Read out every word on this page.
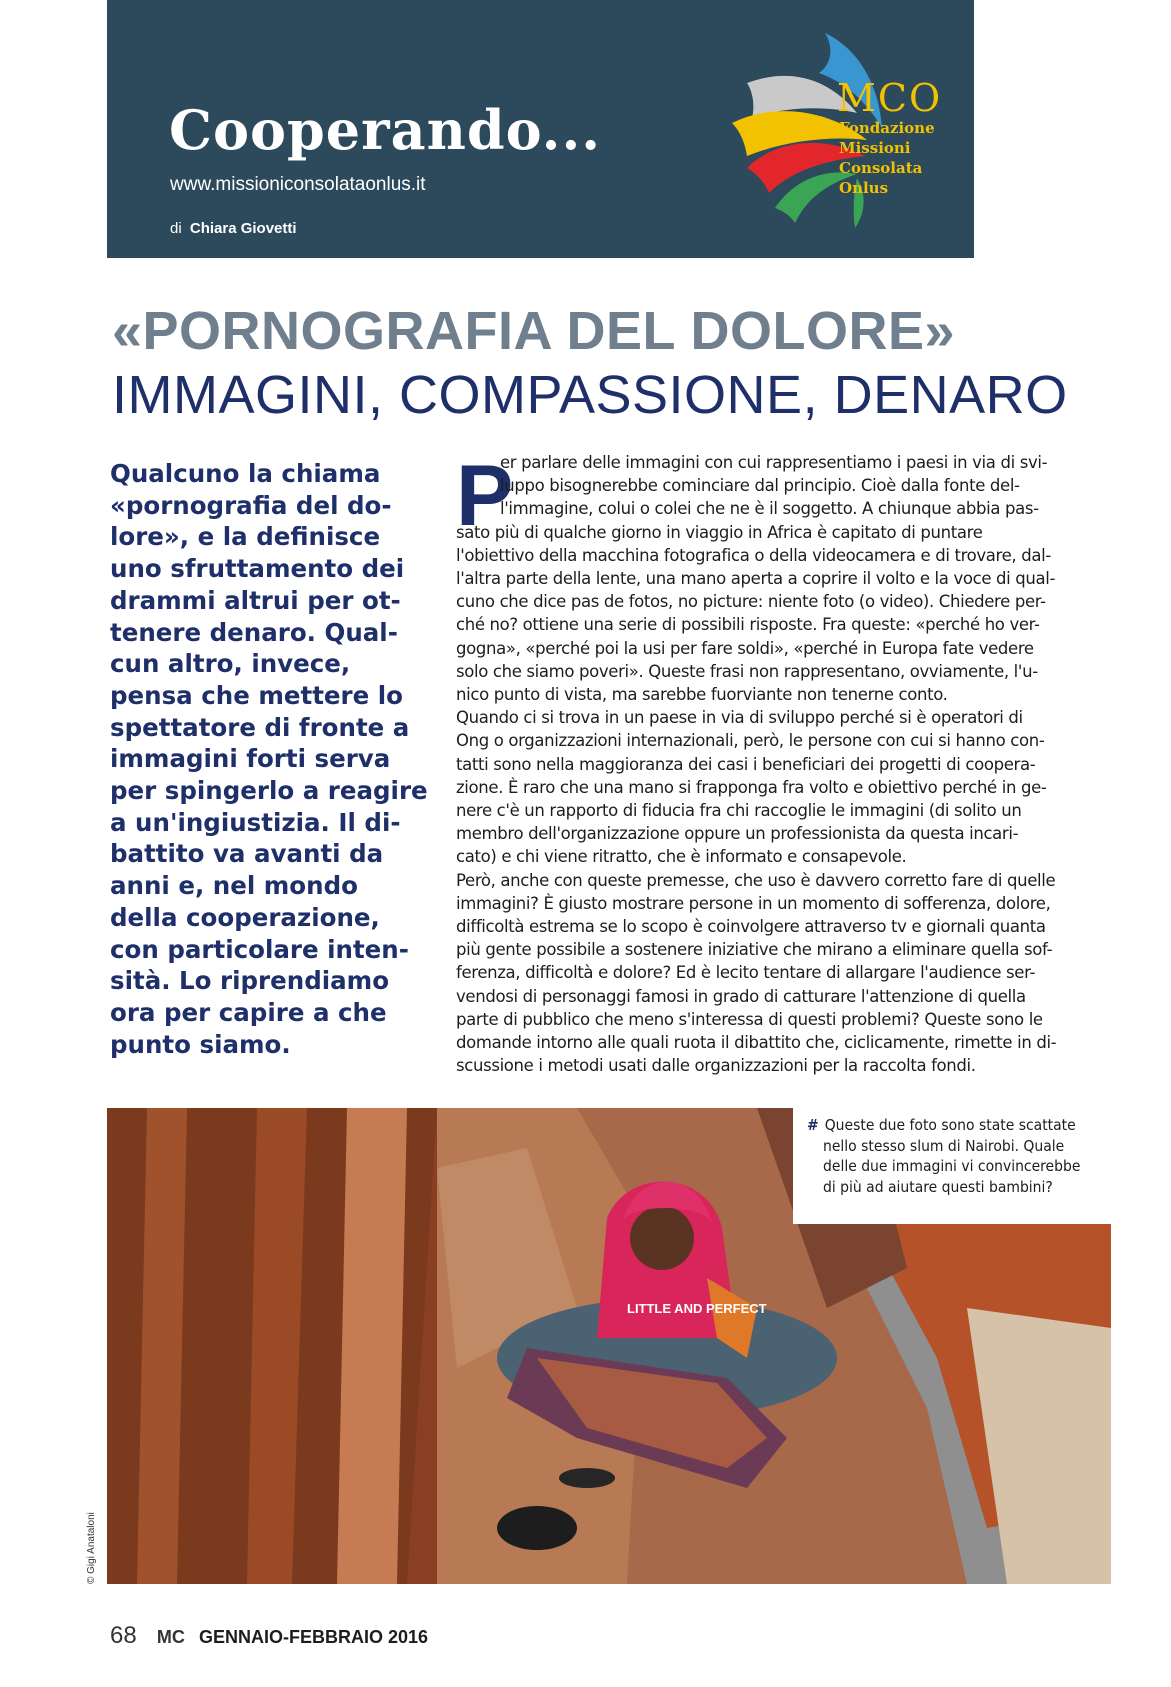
Cooperando...
www.missioniconsolataonlus.it
di Chiara Giovetti
MCO
Fondazione
Missioni
Consolata
Onlus
«PORNOGRAFIA DEL DOLORE»
IMMAGINI, COMPASSIONE, DENARO

Qualcuno la chiama
«pornografia del do-
lore», e la definisce
uno sfruttamento dei
drammi altrui per ot-
tenere denaro. Qual-
cun altro, invece,
pensa che mettere lo
spettatore di fronte a
immagini forti serva
per spingerlo a reagire
a un'ingiustizia. Il di-
battito va avanti da
anni e, nel mondo
della cooperazione,
con particolare inten-
sità. Lo riprendiamo
ora per capire a che
punto siamo.

P
er parlare delle immagini con cui rappresentiamo i paesi in via di svi-
luppo bisognerebbe cominciare dal principio. Cioè dalla fonte del-
l'immagine, colui o colei che ne è il soggetto. A chiunque abbia pas-
sato più di qualche giorno in viaggio in Africa è capitato di puntare
l'obiettivo della macchina fotografica o della videocamera e di trovare, dal-
l'altra parte della lente, una mano aperta a coprire il volto e la voce di qual-
cuno che dice pas de fotos, no picture: niente foto (o video). Chiedere per-
ché no? ottiene una serie di possibili risposte. Fra queste: «perché ho ver-
gogna», «perché poi la usi per fare soldi», «perché in Europa fate vedere
solo che siamo poveri». Queste frasi non rappresentano, ovviamente, l'u-
nico punto di vista, ma sarebbe fuorviante non tenerne conto.
Quando ci si trova in un paese in via di sviluppo perché si è operatori di
Ong o organizzazioni internazionali, però, le persone con cui si hanno con-
tatti sono nella maggioranza dei casi i beneficiari dei progetti di coopera-
zione. È raro che una mano si frapponga fra volto e obiettivo perché in ge-
nere c'è un rapporto di fiducia fra chi raccoglie le immagini (di solito un
membro dell'organizzazione oppure un professionista da questa incari-
cato) e chi viene ritratto, che è informato e consapevole.
Però, anche con queste premesse, che uso è davvero corretto fare di quelle
immagini? È giusto mostrare persone in un momento di sofferenza, dolore,
difficoltà estrema se lo scopo è coinvolgere attraverso tv e giornali quanta
più gente possibile a sostenere iniziative che mirano a eliminare quella sof-
ferenza, difficoltà e dolore? Ed è lecito tentare di allargare l'audience ser-
vendosi di personaggi famosi in grado di catturare l'attenzione di quella
parte di pubblico che meno s'interessa di questi problemi? Queste sono le
domande intorno alle quali ruota il dibattito che, ciclicamente, rimette in di-
scussione i metodi usati dalle organizzazioni per la raccolta fondi.
LITTLE AND PERFECT
# Queste due foto sono state scattate
nello stesso slum di Nairobi. Quale
delle due immagini vi convincerebbe
di più ad aiutare questi bambini?
© Gigi Anataloni
68 MC GENNAIO-FEBBRAIO 2016
